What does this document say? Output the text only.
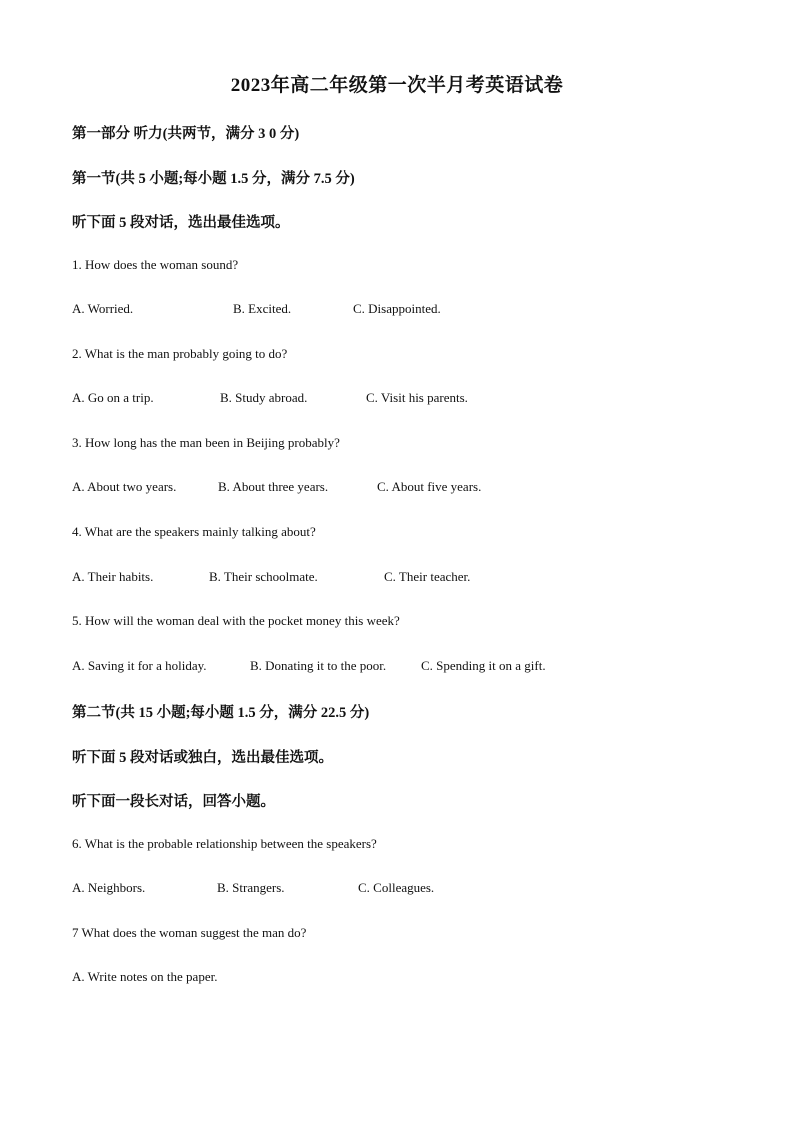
2023年高二年级第一次半月考英语试卷
第一部分 听力(共两节，满分 3 0 分)
第一节(共 5 小题;每小题 1.5 分，满分 7.5 分)
听下面 5 段对话，选出最佳选项。
1. How does the woman sound?
A. Worried.	B. Excited.	C. Disappointed.
2. What is the man probably going to do?
A. Go on a trip.	B. Study abroad.	C. Visit his parents.
3. How long has the man been in Beijing probably?
A. About two years.	B. About three years.	C. About five years.
4. What are the speakers mainly talking about?
A. Their habits.	B. Their schoolmate.	C. Their teacher.
5. How will the woman deal with the pocket money this week?
A. Saving it for a holiday.	B. Donating it to the poor.	C. Spending it on a gift.
第二节(共 15 小题;每小题 1.5 分，满分 22.5 分)
听下面 5 段对话或独白，选出最佳选项。
听下面一段长对话，回答小题。
6. What is the probable relationship between the speakers?
A. Neighbors.	B. Strangers.	C. Colleagues.
7 What does the woman suggest the man do?
A. Write notes on the paper.
